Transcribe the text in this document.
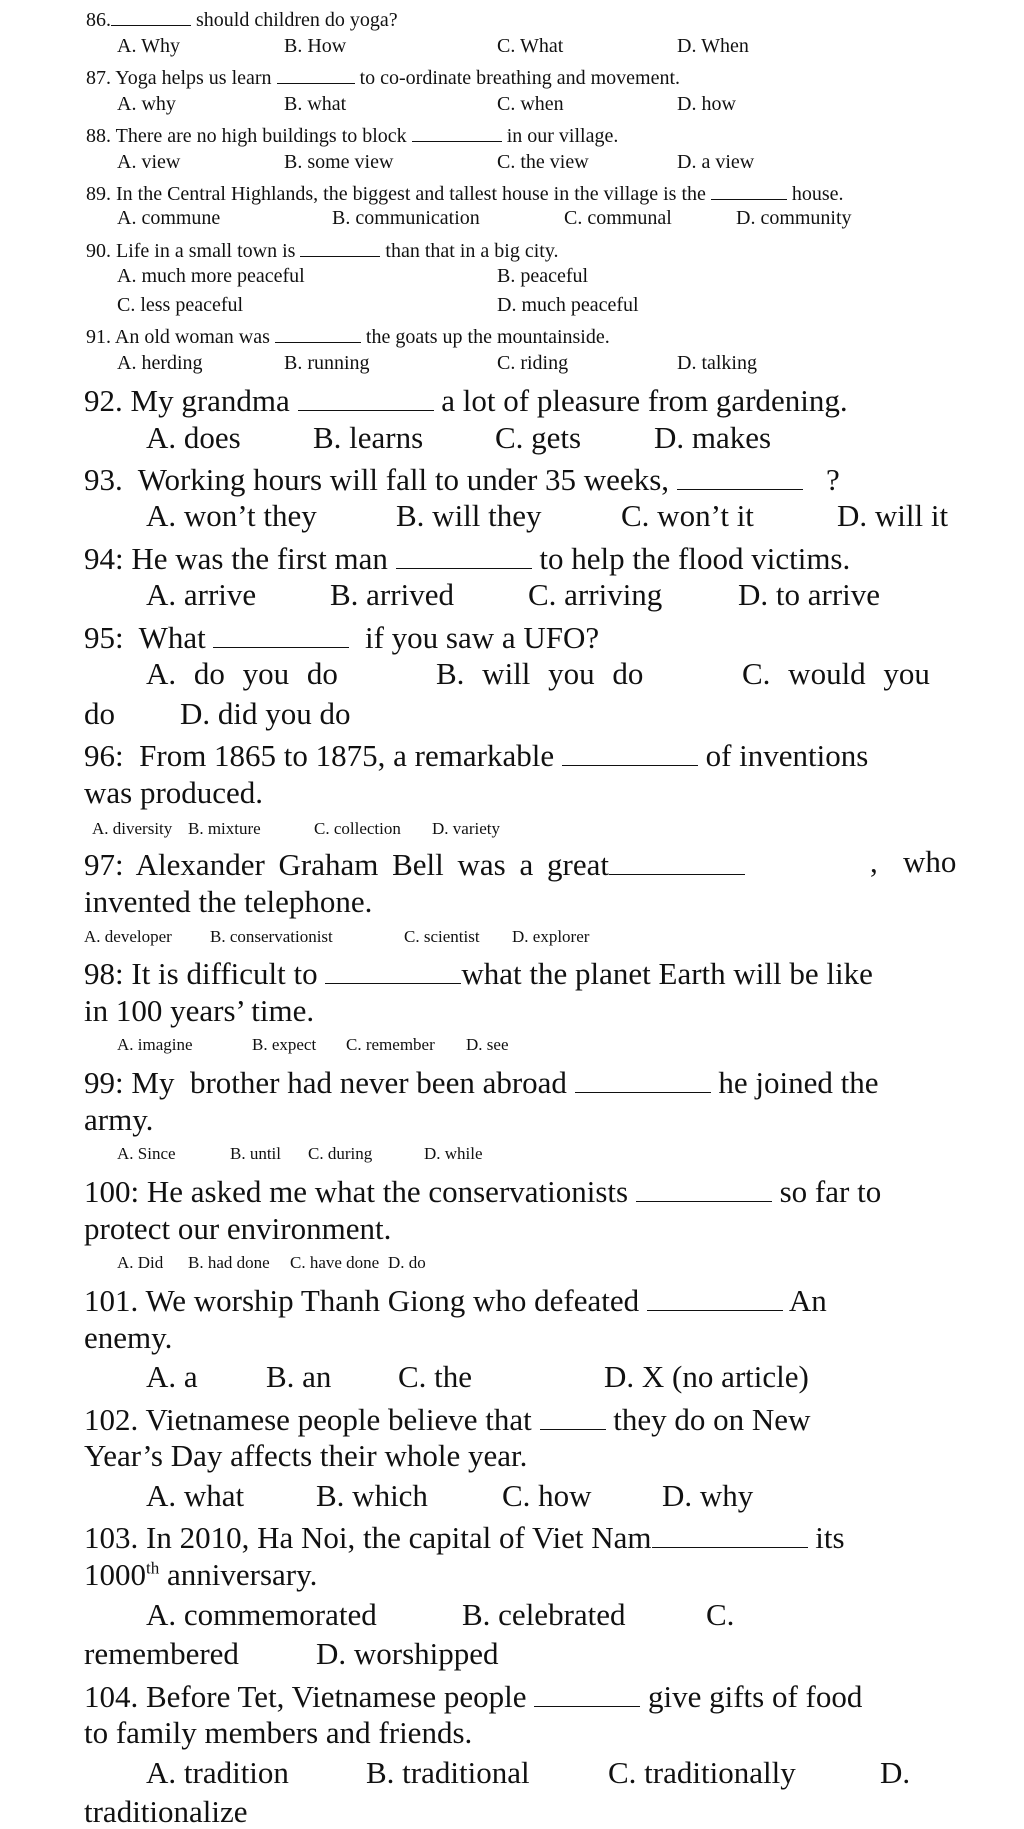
86.	should children do yoga?
A. Why	B. How	C. What	D. When
87. Yoga helps us learn	to co-ordinate breathing and movement.
A. why	B. what	C. when	D. how
88. There are no high buildings to block	in our village.
A. view	B. some view	C. the view	D. a view
89. In the Central Highlands, the biggest and tallest house in the village is the	house.
A. commune	B. communication	C. communal	D. community
90. Life in a small town is	than that in a big city.
A. much more peaceful	B. peaceful
C. less peaceful	D. much peaceful
91. An old woman was	the goats up the mountainside.
A. herding	B. running	C. riding	D. talking
92. My grandma	a lot of pleasure from gardening.
A. does B. learns C. gets D. makes
93. Working hours will fall to under 35 weeks,	?
A. won’t they	B. will they	C. won’t it	D. will it
94: He was the first man	to help the flood victims.
A. arrive B. arrived C. arriving D. to arrive
95: What	if you saw a UFO?
A. do you do	B. will you do	C. would you
do D. did you do
96: From 1865 to 1875, a remarkable	of inventions
was produced.
A. diversity B. mixture	C. collection D. variety
97: Alexander Graham Bell was a great	, who
invented the telephone.
A. developer B. conservationist	C. scientist D. explorer
98: It is difficult to	what the planet Earth will be like
in 100 years’ time.
A. imagine	B. expect C. remember D. see
99: My  brother had never been abroad	he joined the
army.
A. Since	B. until C. during	D. while
100: He asked me what the conservationists	so far to
protect our environment.
A. Did B. had done C. have done D. do
101. We worship Thanh Giong who defeated	An
enemy.
A. a B. an C. the	D. X (no article)
102. Vietnamese people believe that	they do on New
Year’s Day affects their whole year.
A. what B. which C. how D. why
103. In 2010, Ha Noi, the capital of Viet Nam	its
1000th anniversary.
A. commemorated	B. celebrated	C.
remembered D. worshipped
104. Before Tet, Vietnamese people	give gifts of food
to family members and friends.
A. tradition B. traditional	C. traditionally	D.
traditionalize
